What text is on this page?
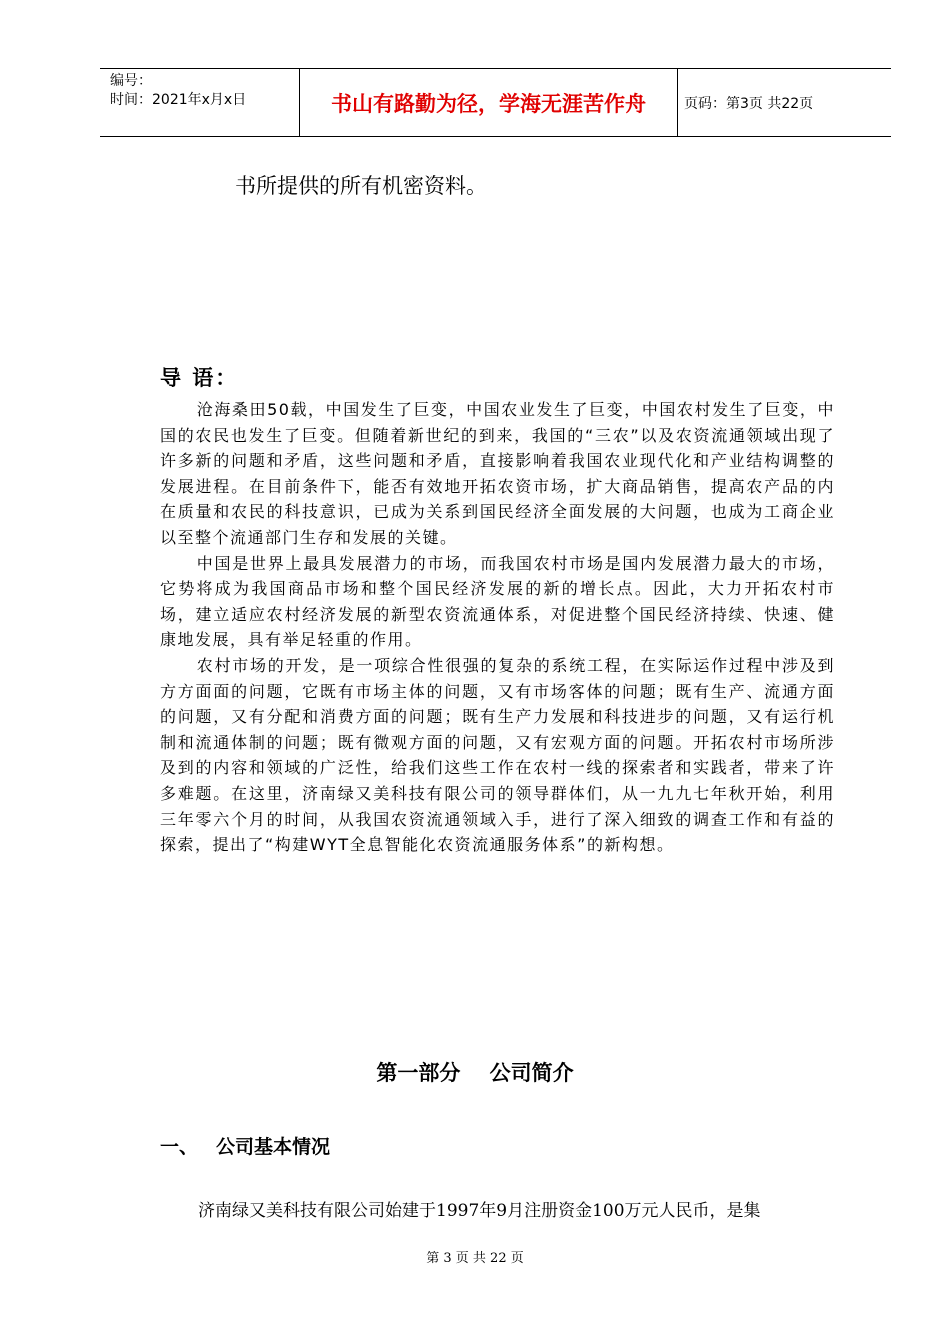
编号：
时间：2021年x月x日	书山有路勤为径，学海无涯苦作舟	页码：第3页 共22页
书所提供的所有机密资料。
导 语：

沧海桑田50载，中国发生了巨变，中国农业发生了巨变，中国农村发生了巨变，中国的农民也发生了巨变。但随着新世纪的到来，我国的“三农”以及农资流通领域出现了许多新的问题和矛盾，这些问题和矛盾，直接影响着我国农业现代化和产业结构调整的发展进程。在目前条件下，能否有效地开拓农资市场，扩大商品销售，提高农产品的内在质量和农民的科技意识，已成为关系到国民经济全面发展的大问题，也成为工商企业以至整个流通部门生存和发展的关键。

中国是世界上最具发展潜力的市场，而我国农村市场是国内发展潜力最大的市场，它势将成为我国商品市场和整个国民经济发展的新的增长点。因此，大力开拓农村市场，建立适应农村经济发展的新型农资流通体系，对促进整个国民经济持续、快速、健康地发展，具有举足轻重的作用。

农村市场的开发，是一项综合性很强的复杂的系统工程，在实际运作过程中涉及到方方面面的问题，它既有市场主体的问题，又有市场客体的问题；既有生产、流通方面的问题，又有分配和消费方面的问题；既有生产力发展和科技进步的问题，又有运行机制和流通体制的问题；既有微观方面的问题，又有宏观方面的问题。开拓农村市场所涉及到的内容和领域的广泛性，给我们这些工作在农村一线的探索者和实践者，带来了许多难题。在这里，济南绿又美科技有限公司的领导群体们，从一九九七年秋开始，利用三年零六个月的时间，从我国农资流通领域入手，进行了深入细致的调查工作和有益的探索，提出了“构建WYT全息智能化农资流通服务体系”的新构想。

第一部分    公司简介
一、 公司基本情况
济南绿又美科技有限公司始建于1997年9月注册资金100万元人民币，是集
第 3 页 共 22 页
